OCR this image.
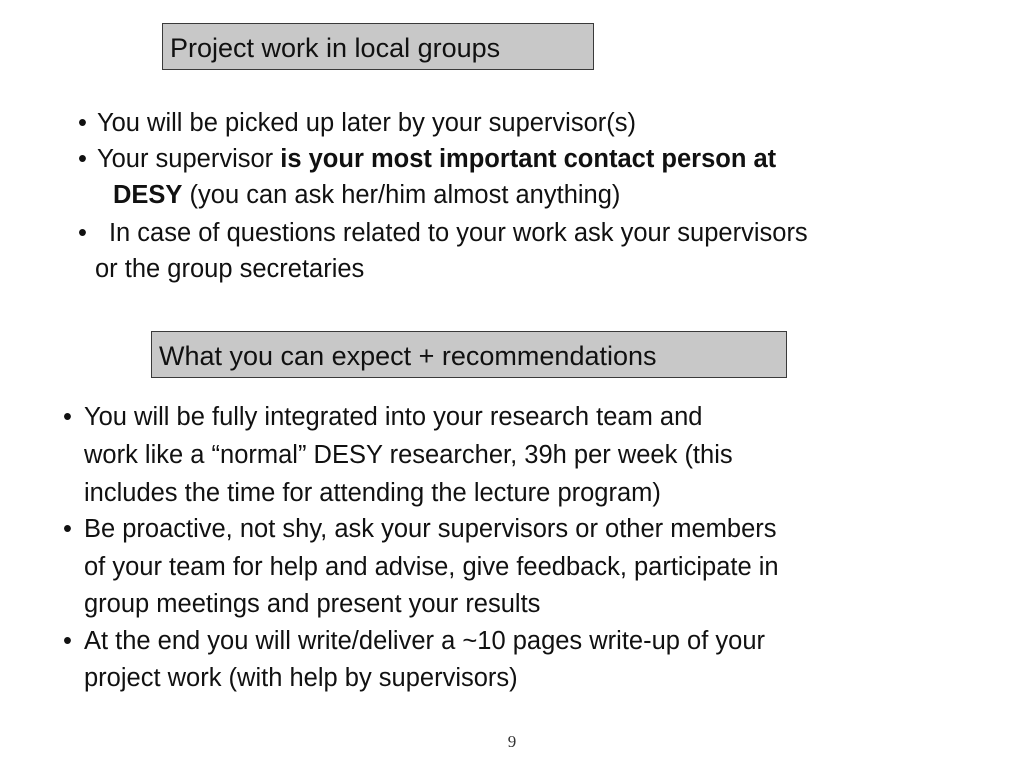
Project work in local groups
• You will be picked up later by your supervisor(s)
• Your supervisor is your most important contact person at
DESY (you can ask her/him almost anything)
• In case of questions related to your work ask your supervisors
or the group secretaries
What you can expect + recommendations
• You will be fully integrated into your research team and
work like a “normal” DESY researcher, 39h per week (this
includes the time for attending the lecture program)
• Be proactive, not shy, ask your supervisors or other members
of your team for help and advise, give feedback, participate in
group meetings and present your results
• At the end you will write/deliver a ~10 pages write-up of your
project work (with help by supervisors)
9
